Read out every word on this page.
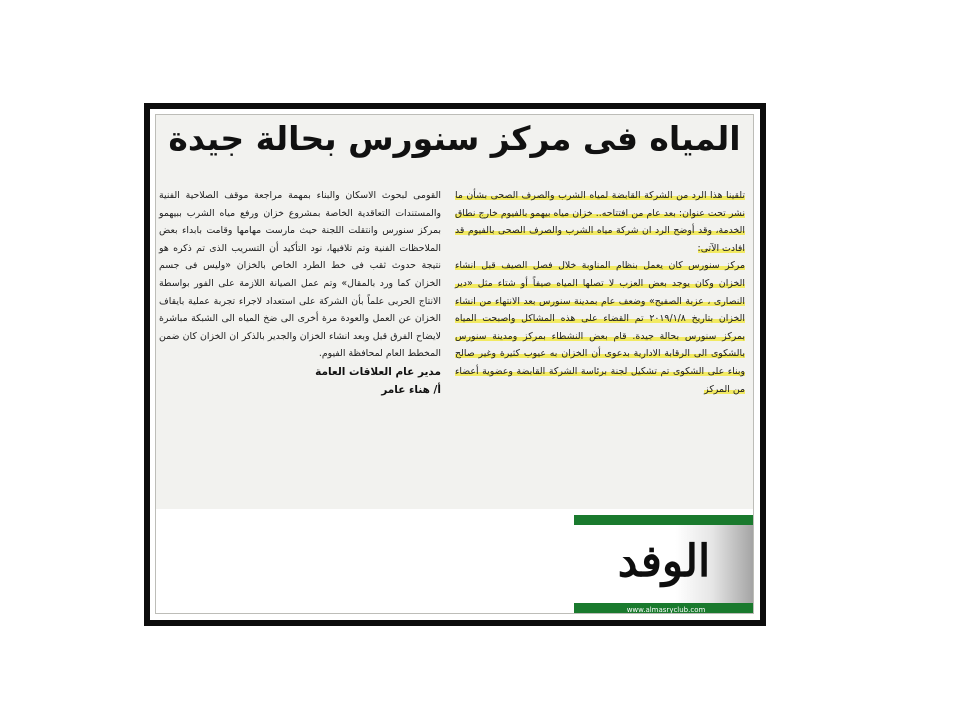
المياه فى مركز سنورس بحالة جيدة

تلقينا هذا الرد من الشركة القابضة لمياه الشرب والصرف الصحى بشأن ما نشر تحت عنوان: بعد عام من افتتاحه.. خزان مياه بيهمو بالفيوم خارج نطاق الخدمة، وقد أوضح الرد ان شركة مياه الشرب والصرف الصحى بالفيوم قد افادت الآتى:

مركز سنورس كان يعمل بنظام المناوبة خلال فصل الصيف قبل انشاء الخزان وكان يوجد بعض العزب لا تصلها المياه صيفاً أو شتاء مثل «دير النصارى ، عزبة الصفيح» وضعف عام بمدينة سنورس بعد الانتهاء من انشاء الخزان بتاريخ ٢٠١٩/١/٨ تم القضاء على هذه المشاكل واصبحت المياه بمركز سنورس بحالة جيدة. قام بعض النشطاء بمركز ومدينة سنورس بالشكوى الى الرقابة الادارية بدعوى أن الخزان به عيوب كثيرة وغير صالح وبناء على الشكوى تم تشكيل لجنة برئاسة الشركة القابضة وعضوية أعضاء من المركز

القومى لبحوث الاسكان والبناء بمهمة مراجعة موقف الصلاحية الفنية والمستندات التعاقدية الخاصة بمشروع خزان ورفع مياه الشرب ببيهمو بمركز سنورس وانتقلت اللجنة حيث مارست مهامها وقامت بابداء بعض الملاحظات الفنية وتم تلافيها، نود التأكيد أن التسريب الذى تم ذكره هو نتيجة حدوث ثقب فى خط الطرد الخاص بالخزان «وليس فى جسم الخزان كما ورد بالمقال» وتم عمل الصيانة اللازمة على الفور بواسطة الانتاج الحربى علماً بأن الشركة على استعداد لاجراء تجربة عملية بايقاف الخزان عن العمل والعودة مرة أخرى الى ضخ المياه الى الشبكة مباشرة لايضاح الفرق قبل وبعد انشاء الخزان والجدير بالذكر ان الخزان كان ضمن المخطط العام لمحافظة الفيوم.

مدير عام العلاقات العامة

أ/ هناء عامر

الوفد
www.almasryclub.com
